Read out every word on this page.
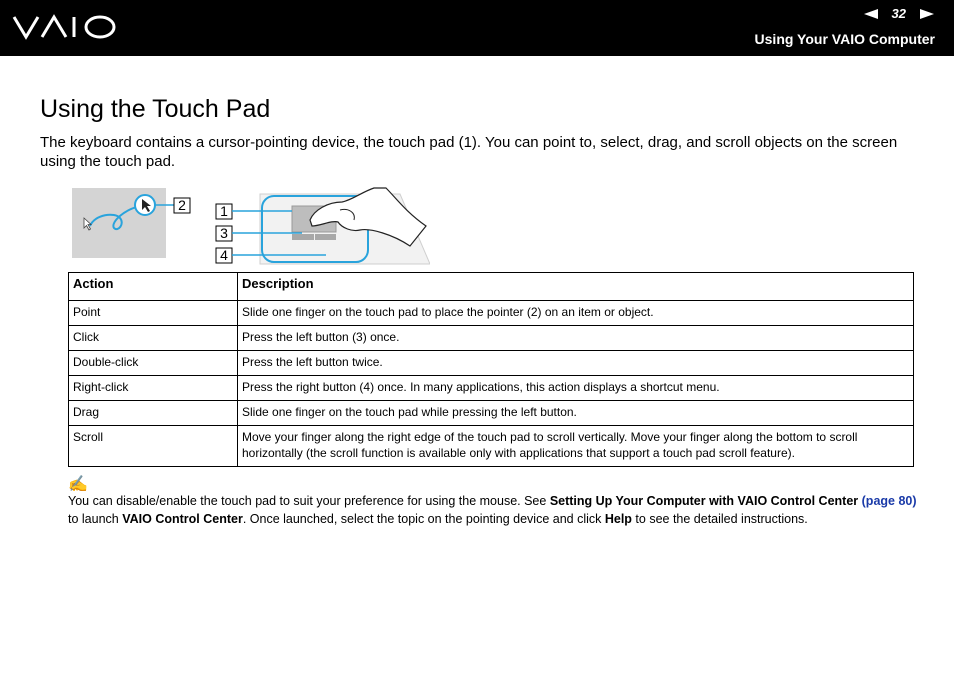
32
Using Your VAIO Computer
Using the Touch Pad

The keyboard contains a cursor-pointing device, the touch pad (1). You can point to, select, drag, and scroll objects on the screen using the touch pad.

2 1
3
4
Action	Description
Point	Slide one finger on the touch pad to place the pointer (2) on an item or object.
Click	Press the left button (3) once.
Double-click	Press the left button twice.
Right-click	Press the right button (4) once. In many applications, this action displays a shortcut menu.
Drag	Slide one finger on the touch pad while pressing the left button.
Scroll	Move your finger along the right edge of the touch pad to scroll vertically. Move your finger along the bottom to scroll horizontally (the scroll function is available only with applications that support a touch pad scroll feature).
✍
You can disable/enable the touch pad to suit your preference for using the mouse. See Setting Up Your Computer with VAIO Control Center (page 80) to launch VAIO Control Center. Once launched, select the topic on the pointing device and click Help to see the detailed instructions.
